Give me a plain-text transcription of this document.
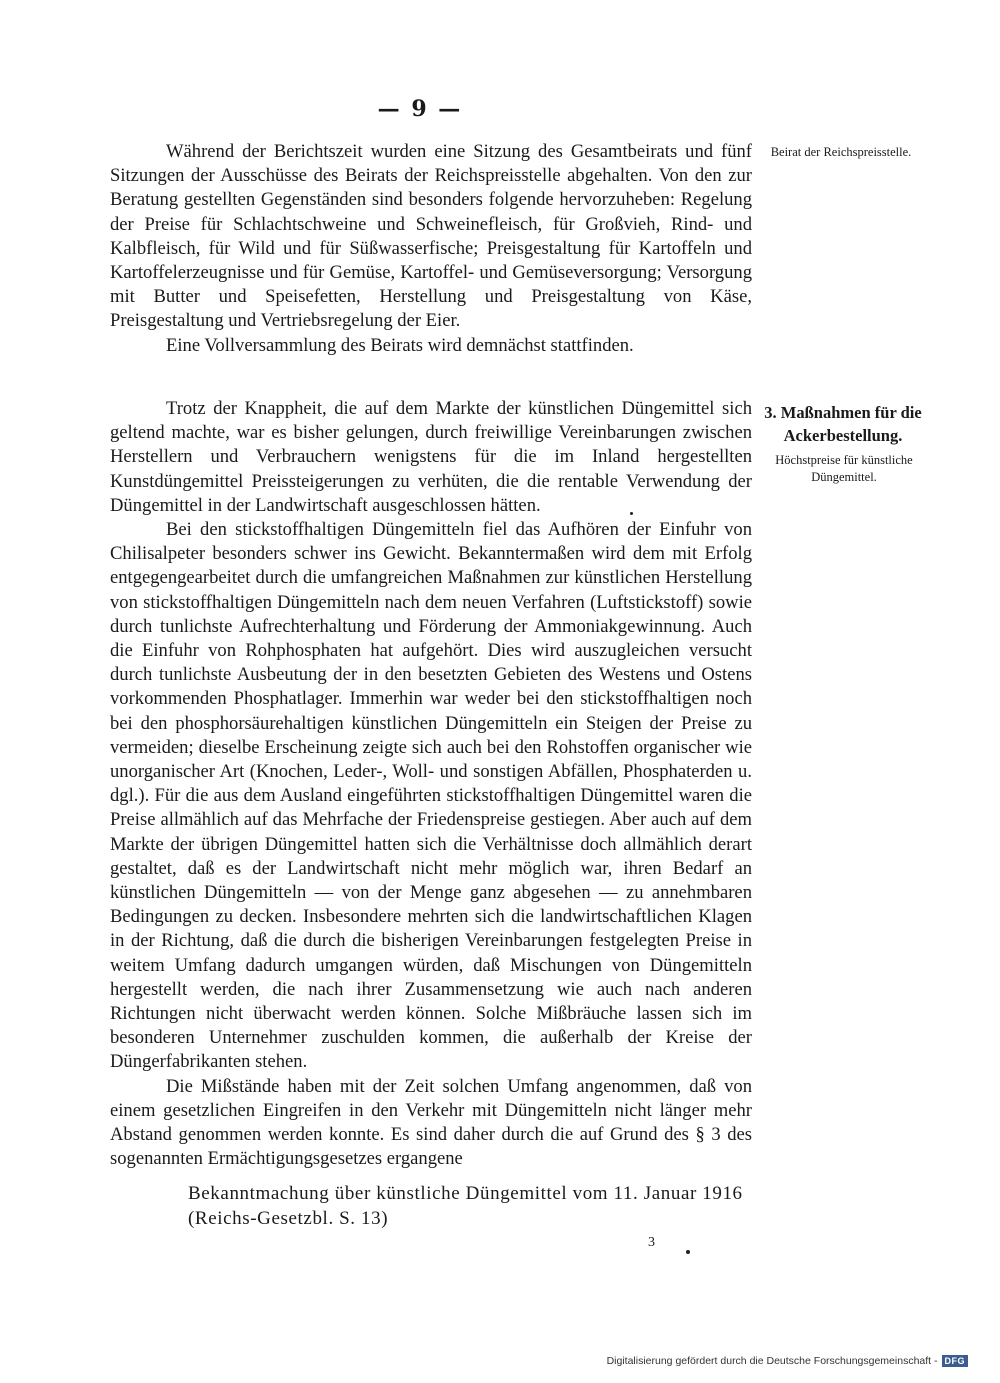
— 9 —

Während der Berichtszeit wurden eine Sitzung des Gesamtbeirats und fünf Sitzungen der Ausschüsse des Beirats der Reichspreisstelle abgehalten. Von den zur Beratung gestellten Gegenständen sind besonders folgende hervorzuheben: Regelung der Preise für Schlachtschweine und Schweinefleisch, für Großvieh, Rind- und Kalbfleisch, für Wild und für Süßwasserfische; Preisgestaltung für Kartoffeln und Kartoffelerzeugnisse und für Gemüse, Kartoffel- und Gemüseversorgung; Versorgung mit Butter und Speisefetten, Herstellung und Preisgestaltung von Käse, Preisgestaltung und Vertriebsregelung der Eier.

Eine Vollversammlung des Beirats wird demnächst stattfinden.

Beirat der Reichspreisstelle.

Trotz der Knappheit, die auf dem Markte der künstlichen Düngemittel sich geltend machte, war es bisher gelungen, durch freiwillige Vereinbarungen zwischen Herstellern und Verbrauchern wenigstens für die im Inland hergestellten Kunstdüngemittel Preissteigerungen zu verhüten, die die rentable Verwendung der Düngemittel in der Landwirtschaft ausgeschlossen hätten.

Bei den stickstoffhaltigen Düngemitteln fiel das Aufhören der Einfuhr von Chilisalpeter besonders schwer ins Gewicht. Bekanntermaßen wird dem mit Erfolg entgegengearbeitet durch die umfangreichen Maßnahmen zur künstlichen Herstellung von stickstoffhaltigen Düngemitteln nach dem neuen Verfahren (Luftstickstoff) sowie durch tunlichste Aufrechterhaltung und Förderung der Ammoniakgewinnung. Auch die Einfuhr von Rohphosphaten hat aufgehört. Dies wird auszugleichen versucht durch tunlichste Ausbeutung der in den besetzten Gebieten des Westens und Ostens vorkommenden Phosphatlager. Immerhin war weder bei den stickstoffhaltigen noch bei den phosphorsäurehaltigen künstlichen Düngemitteln ein Steigen der Preise zu vermeiden; dieselbe Erscheinung zeigte sich auch bei den Rohstoffen organischer wie unorganischer Art (Knochen, Leder-, Woll- und sonstigen Abfällen, Phosphaterden u. dgl.). Für die aus dem Ausland eingeführten stickstoffhaltigen Düngemittel waren die Preise allmählich auf das Mehrfache der Friedenspreise gestiegen. Aber auch auf dem Markte der übrigen Düngemittel hatten sich die Verhältnisse doch allmählich derart gestaltet, daß es der Landwirtschaft nicht mehr möglich war, ihren Bedarf an künstlichen Düngemitteln — von der Menge ganz abgesehen — zu annehmbaren Bedingungen zu decken. Insbesondere mehrten sich die landwirtschaftlichen Klagen in der Richtung, daß die durch die bisherigen Vereinbarungen festgelegten Preise in weitem Umfang dadurch umgangen würden, daß Mischungen von Düngemitteln hergestellt werden, die nach ihrer Zusammensetzung wie auch nach anderen Richtungen nicht überwacht werden können. Solche Mißbräuche lassen sich im besonderen Unternehmer zuschulden kommen, die außerhalb der Kreise der Düngerfabrikanten stehen.

Die Mißstände haben mit der Zeit solchen Umfang angenommen, daß von einem gesetzlichen Eingreifen in den Verkehr mit Düngemitteln nicht länger mehr Abstand genommen werden konnte. Es sind daher durch die auf Grund des § 3 des sogenannten Ermächtigungsgesetzes ergangene

3. Maßnahmen für die Ackerbestellung.
Höchstpreise für künstliche Düngemittel.
Bekanntmachung über künstliche Düngemittel vom 11. Januar 1916
(Reichs-Gesetzbl. S. 13)
3
Digitalisierung gefördert durch die Deutsche Forschungsgemeinschaft - DFG
